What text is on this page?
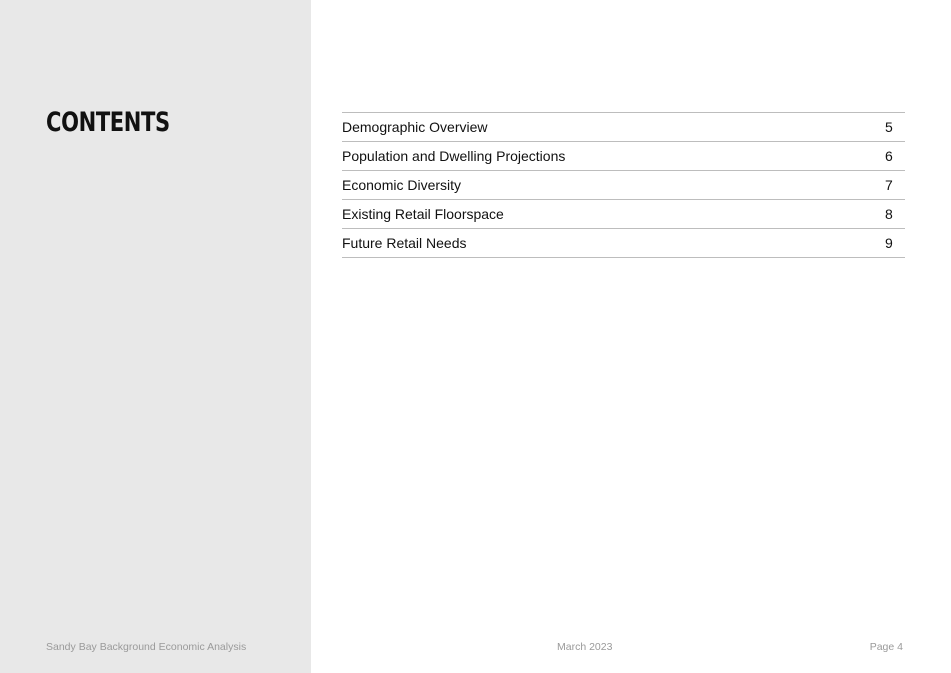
CONTENTS	Demographic Overview	5
Population and Dwelling Projections	6
Economic Diversity	7
Existing Retail Floorspace	8
Future Retail Needs	9
Sandy Bay Background Economic Analysis	March 2023	Page 4
